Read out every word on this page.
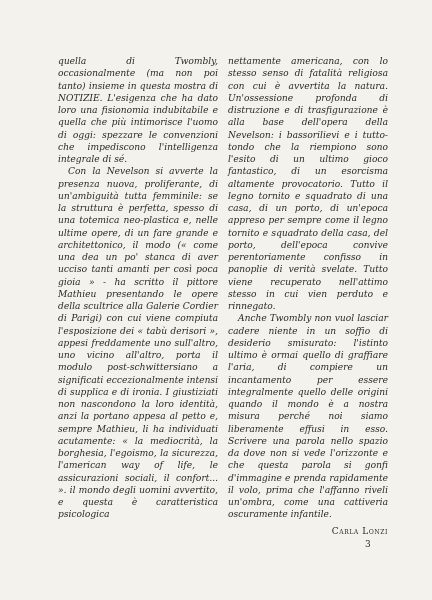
quella di Twombly, occasionalmente (ma non poi tanto) insieme in questa mostra di NOTIZIE. L'esigenza che ha dato loro una fisionomia indubitabile e quella che più intimorisce l'uomo di oggi: spezzare le convenzioni che impediscono l'intelligenza integrale di sé.

Con la Nevelson si avverte la presenza nuova, proliferante, di un'ambiguità tutta femminile: se la struttura è perfetta, spesso di una totemica neo-plastica e, nelle ultime opere, di un fare grande e architettonico, il modo (« come una dea un po' stanca di aver ucciso tanti amanti per così poca gioia » - ha scritto il pittore Mathieu presentando le opere della scultrice alla Galerie Cordier di Parigi) con cui viene compiuta l'esposizione dei « tabù derisori », appesi freddamente uno sull'altro, uno vicino all'altro, porta il modulo post-schwittersiano a significati eccezionalmente intensi di supplica e di ironia. I giustiziati non nascondono la loro identità, anzi la portano appesa al petto e, sempre Mathieu, li ha individuati acutamente: « la mediocrità, la borghesia, l'egoismo, la sicurezza, l'american way of life, le assicurazioni sociali, il confort... ». il mondo degli uomini avvertito, e questa è caratteristica psicologica

nettamente americana, con lo stesso senso di fatalità religiosa con cui è avvertita la natura. Un'ossessione profonda di distruzione e di trasfigurazione è alla base dell'opera della Nevelson: i bassorilievi e i tutto-tondo che la riempiono sono l'esito di un ultimo gioco fantastico, di un esorcisma altamente provocatorio. Tutto il legno tornito e squadrato di una casa, di un porto, di un'epoca appreso per sempre come il legno tornito e squadrato della casa, del porto, dell'epoca convive perentoriamente confisso in panoplie di verità svelate. Tutto viene recuperato nell'attimo stesso in cui vien perduto e rinnegato.

Anche Twombly non vuol lasciar cadere niente in un soffio di desiderio smisurato: l'istinto ultimo è ormai quello di graffiare l'aria, di compiere un incantamento per essere integralmente quello delle origini quando il mondo è a nostra misura perché noi siamo liberamente effusi in esso. Scrivere una parola nello spazio da dove non si vede l'orizzonte e che questa parola si gonfi d'immagine e prenda rapidamente il volo, prima che l'affanno riveli un'ombra, come una cattiveria oscuramente infantile.

Carla Lonzi
3
